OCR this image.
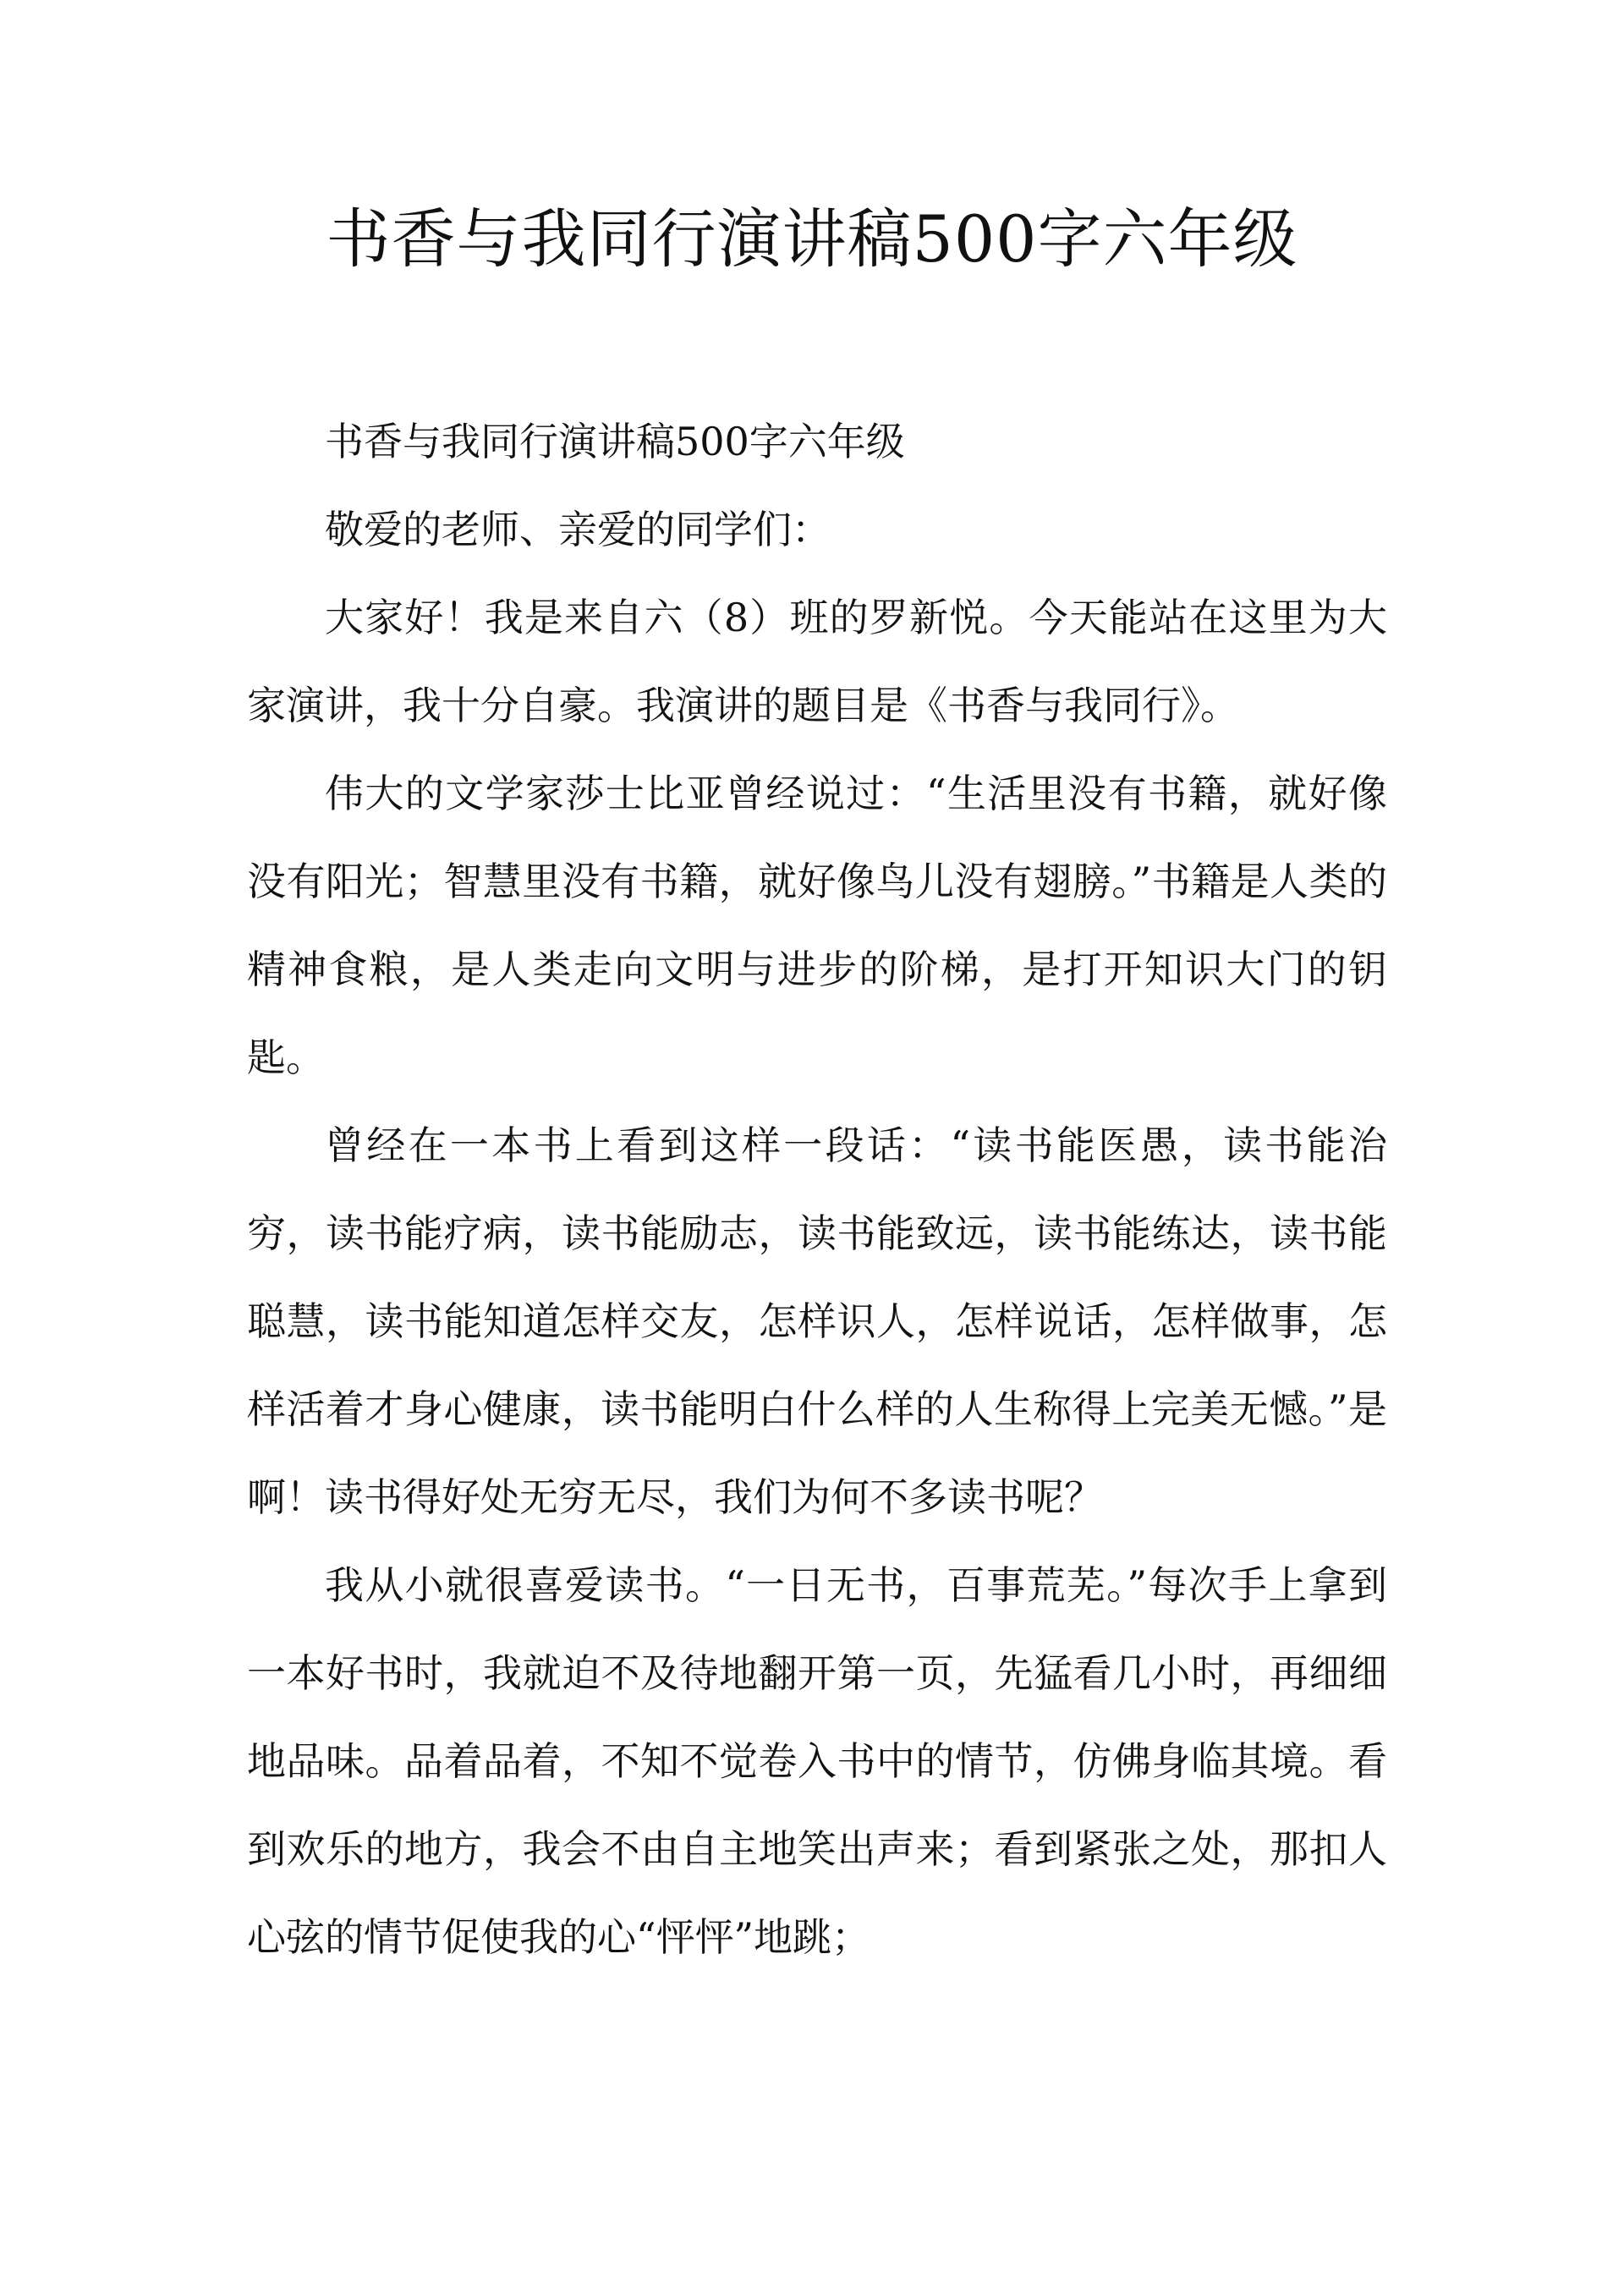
书香与我同行演讲稿500字六年级

书香与我同行演讲稿500字六年级

敬爱的老师、亲爱的同学们：

大家好！我是来自六（8）班的罗新悦。今天能站在这里为大家演讲，我十分自豪。我演讲的题目是《书香与我同行》。

伟大的文学家莎士比亚曾经说过：“生活里没有书籍，就好像没有阳光；智慧里没有书籍，就好像鸟儿没有翅膀。”书籍是人类的精神食粮，是人类走向文明与进步的阶梯，是打开知识大门的钥匙。

曾经在一本书上看到这样一段话：“读书能医愚，读书能治穷，读书能疗病，读书能励志，读书能致远，读书能练达，读书能聪慧，读书能知道怎样交友，怎样识人，怎样说话，怎样做事，怎样活着才身心健康，读书能明白什么样的人生称得上完美无憾。”是啊！读书得好处无穷无尽，我们为何不多读书呢？

我从小就很喜爱读书。“一日无书，百事荒芜。”每次手上拿到一本好书时，我就迫不及待地翻开第一页，先猛看几小时，再细细地品味。品着品着，不知不觉卷入书中的情节，仿佛身临其境。看到欢乐的地方，我会不由自主地笑出声来；看到紧张之处，那扣人心弦的情节促使我的心“怦怦”地跳；
